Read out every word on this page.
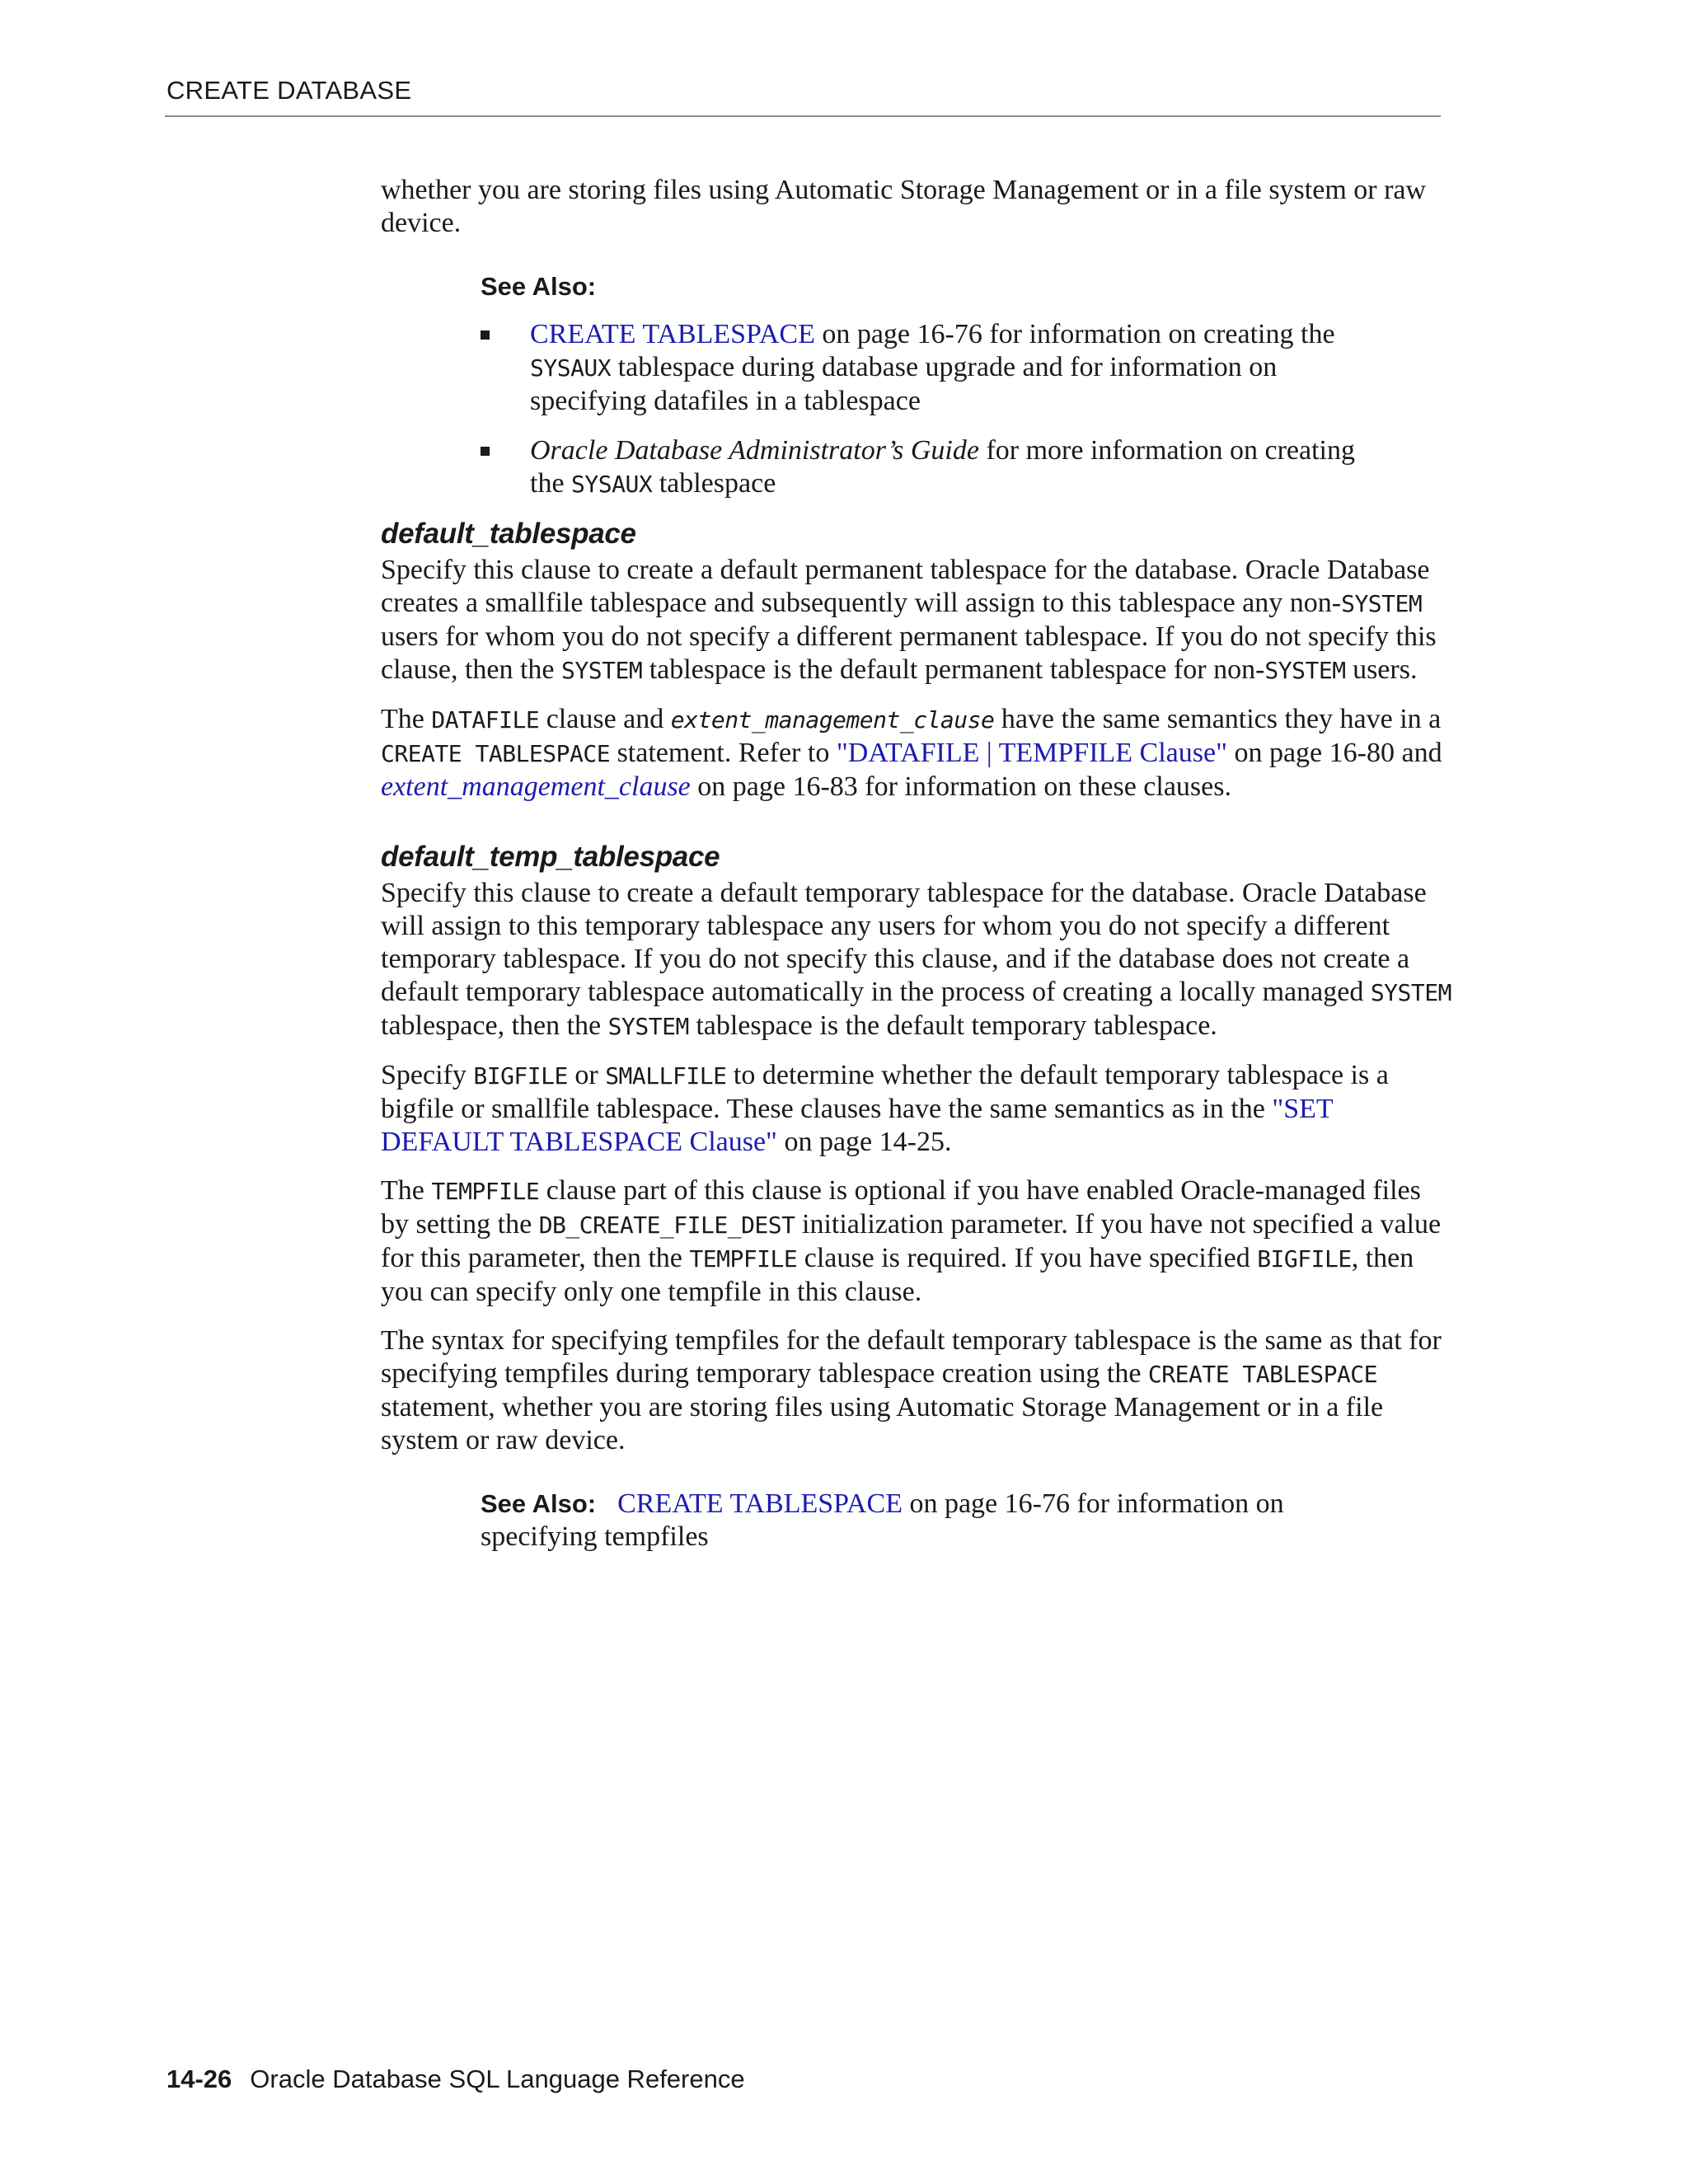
CREATE DATABASE

whether you are storing files using Automatic Storage Management or in a file system or raw device.

See Also:
CREATE TABLESPACE on page 16-76 for information on creating the SYSAUX tablespace during database upgrade and for information on specifying datafiles in a tablespace
Oracle Database Administrator’s Guide for more information on creating the SYSAUX tablespace
default_tablespace

Specify this clause to create a default permanent tablespace for the database. Oracle Database creates a smallfile tablespace and subsequently will assign to this tablespace any non-SYSTEM users for whom you do not specify a different permanent tablespace. If you do not specify this clause, then the SYSTEM tablespace is the default permanent tablespace for non-SYSTEM users.

The DATAFILE clause and extent_management_clause have the same semantics they have in a CREATE TABLESPACE statement. Refer to "DATAFILE | TEMPFILE Clause" on page 16-80 and extent_management_clause on page 16-83 for information on these clauses.

default_temp_tablespace

Specify this clause to create a default temporary tablespace for the database. Oracle Database will assign to this temporary tablespace any users for whom you do not specify a different temporary tablespace. If you do not specify this clause, and if the database does not create a default temporary tablespace automatically in the process of creating a locally managed SYSTEM tablespace, then the SYSTEM tablespace is the default temporary tablespace.

Specify BIGFILE or SMALLFILE to determine whether the default temporary tablespace is a bigfile or smallfile tablespace. These clauses have the same semantics as in the "SET DEFAULT TABLESPACE Clause" on page 14-25.

The TEMPFILE clause part of this clause is optional if you have enabled Oracle-managed files by setting the DB_CREATE_FILE_DEST initialization parameter. If you have not specified a value for this parameter, then the TEMPFILE clause is required. If you have specified BIGFILE, then you can specify only one tempfile in this clause.

The syntax for specifying tempfiles for the default temporary tablespace is the same as that for specifying tempfiles during temporary tablespace creation using the CREATE TABLESPACE statement, whether you are storing files using Automatic Storage Management or in a file system or raw device.

See Also: CREATE TABLESPACE on page 16-76 for information on specifying tempfiles
14-26 Oracle Database SQL Language Reference
